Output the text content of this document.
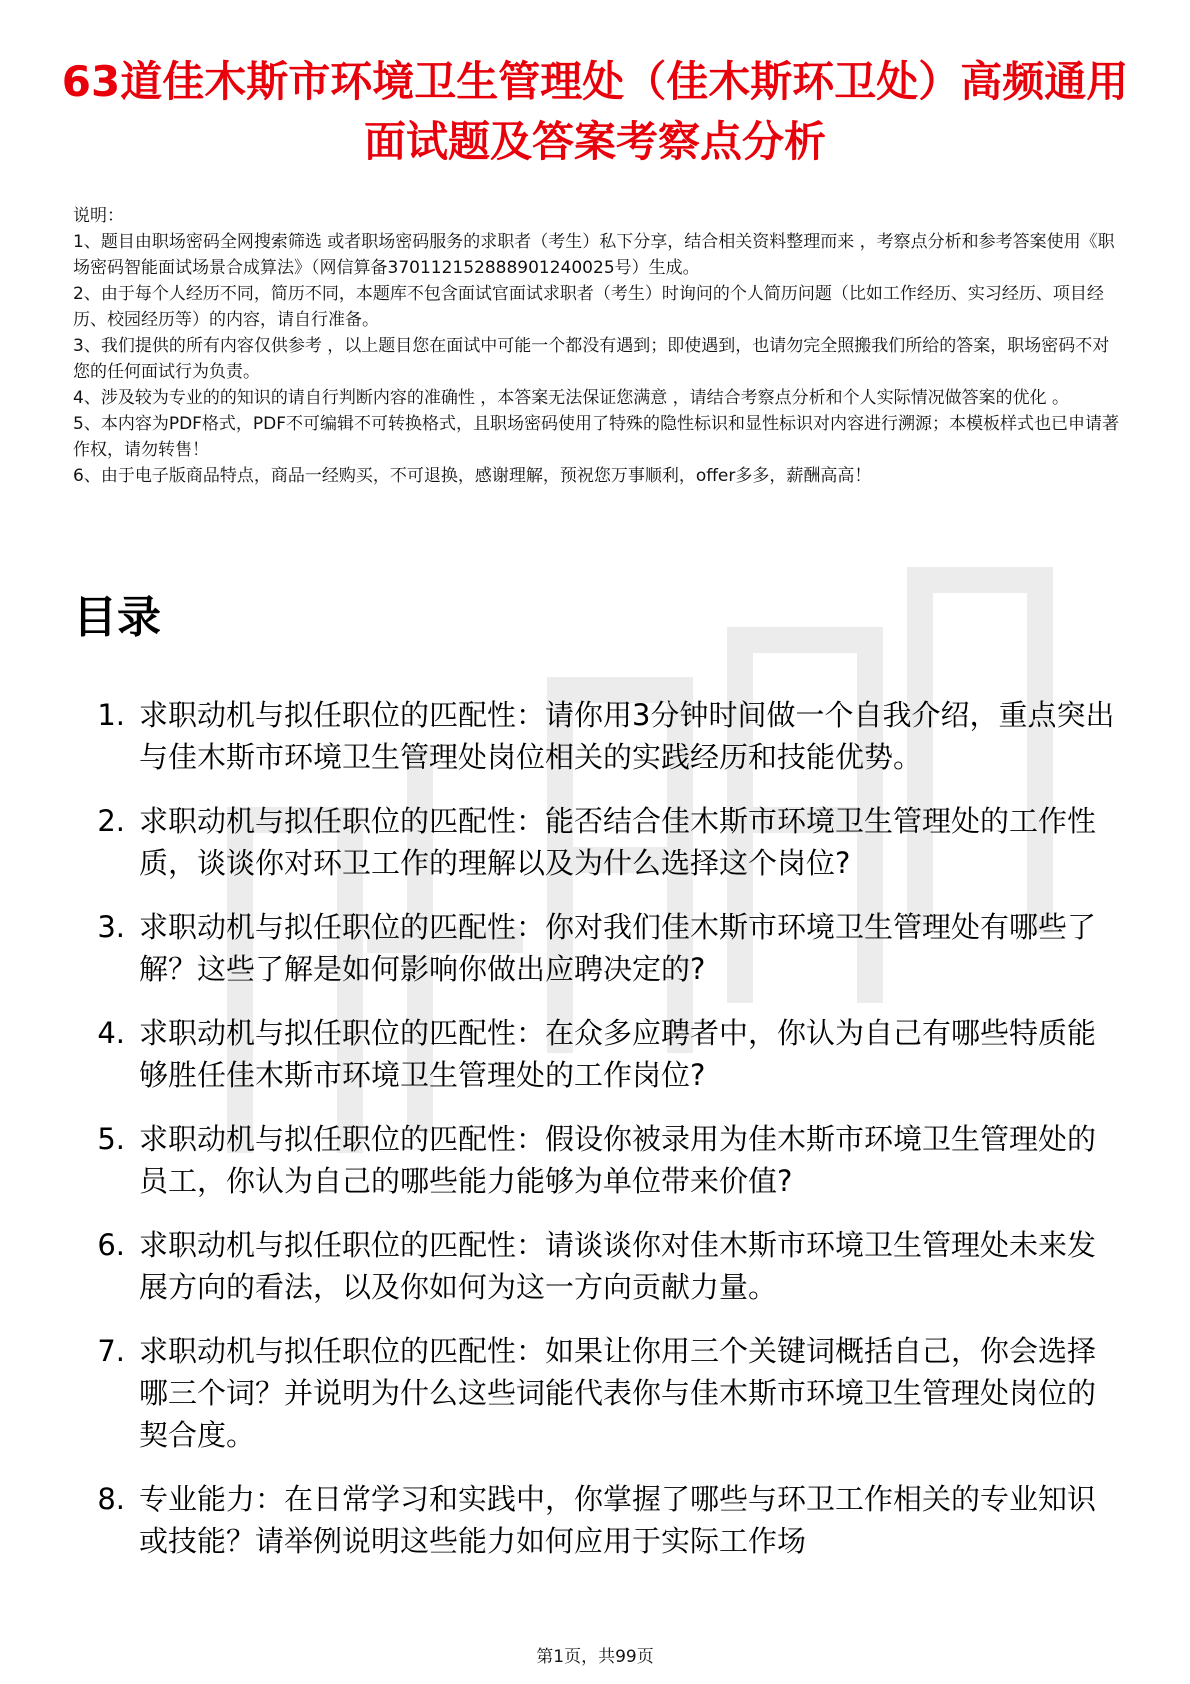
63道佳木斯市环境卫生管理处（佳木斯环卫处）高频通用面试题及答案考察点分析

说明：

1、题目由职场密码全网搜索筛选 或者职场密码服务的求职者（考生）私下分享，结合相关资料整理而来 ，考察点分析和参考答案使用《职场密码智能面试场景合成算法》（网信算备370112152888901240025号）生成。

2、由于每个人经历不同，简历不同，本题库不包含面试官面试求职者（考生）时询问的个人简历问题（比如工作经历、实习经历、项目经历、校园经历等）的内容，请自行准备。

3、我们提供的所有内容仅供参考 ，以上题目您在面试中可能一个都没有遇到；即使遇到，也请勿完全照搬我们所给的答案，职场密码不对您的任何面试行为负责。

4、涉及较为专业的的知识的请自行判断内容的准确性 ，本答案无法保证您满意 ，请结合考察点分析和个人实际情况做答案的优化 。

5、本内容为PDF格式，PDF不可编辑不可转换格式，且职场密码使用了特殊的隐性标识和显性标识对内容进行溯源；本模板样式也已申请著作权，请勿转售！

6、由于电子版商品特点，商品一经购买，不可退换，感谢理解，预祝您万事顺利，offer多多，薪酬高高！

目录
1. 求职动机与拟任职位的匹配性：请你用3分钟时间做一个自我介绍，重点突出与佳木斯市环境卫生管理处岗位相关的实践经历和技能优势。
2. 求职动机与拟任职位的匹配性：能否结合佳木斯市环境卫生管理处的工作性质，谈谈你对环卫工作的理解以及为什么选择这个岗位?
3. 求职动机与拟任职位的匹配性：你对我们佳木斯市环境卫生管理处有哪些了解？这些了解是如何影响你做出应聘决定的?
4. 求职动机与拟任职位的匹配性：在众多应聘者中，你认为自己有哪些特质能够胜任佳木斯市环境卫生管理处的工作岗位?
5. 求职动机与拟任职位的匹配性：假设你被录用为佳木斯市环境卫生管理处的员工，你认为自己的哪些能力能够为单位带来价值?
6. 求职动机与拟任职位的匹配性：请谈谈你对佳木斯市环境卫生管理处未来发展方向的看法，以及你如何为这一方向贡献力量。
7. 求职动机与拟任职位的匹配性：如果让你用三个关键词概括自己，你会选择哪三个词？并说明为什么这些词能代表你与佳木斯市环境卫生管理处岗位的契合度。
8. 专业能力：在日常学习和实践中，你掌握了哪些与环卫工作相关的专业知识或技能？请举例说明这些能力如何应用于实际工作场
第1页，共99页
